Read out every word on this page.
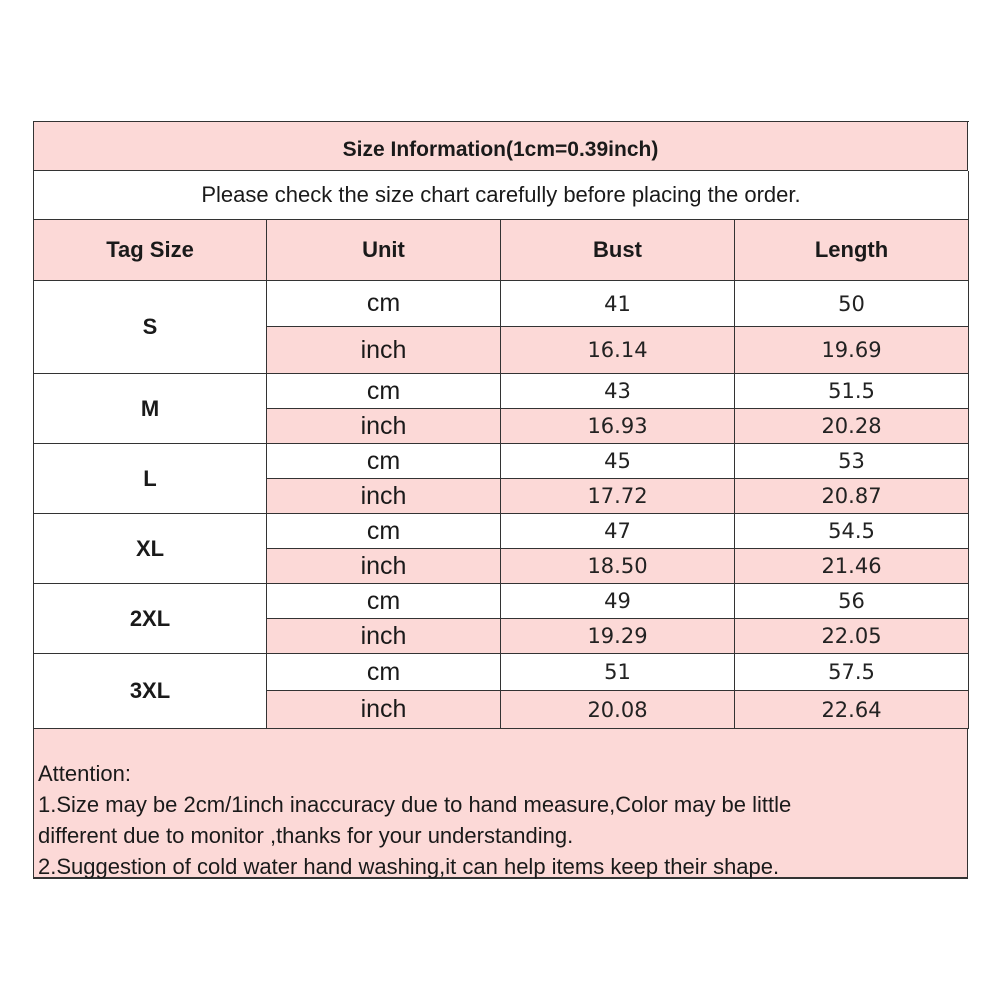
Size Information(1cm=0.39inch)
Please check the size chart carefully before placing the order.
Tag Size	Unit	Bust	Length
S
cm	41	50
inch	16.14	19.69
M
cm	43	51.5
inch	16.93	20.28
L
cm	45	53
inch	17.72	20.87
XL
cm	47	54.5
inch	18.50	21.46
2XL
cm	49	56
inch	19.29	22.05
3XL
cm	51	57.5
inch	20.08	22.64
Attention:
1.Size may be 2cm/1inch inaccuracy due to hand measure,Color may be little
different due to monitor ,thanks for your understanding.
2.Suggestion of cold water hand washing,it can help items keep their shape.
